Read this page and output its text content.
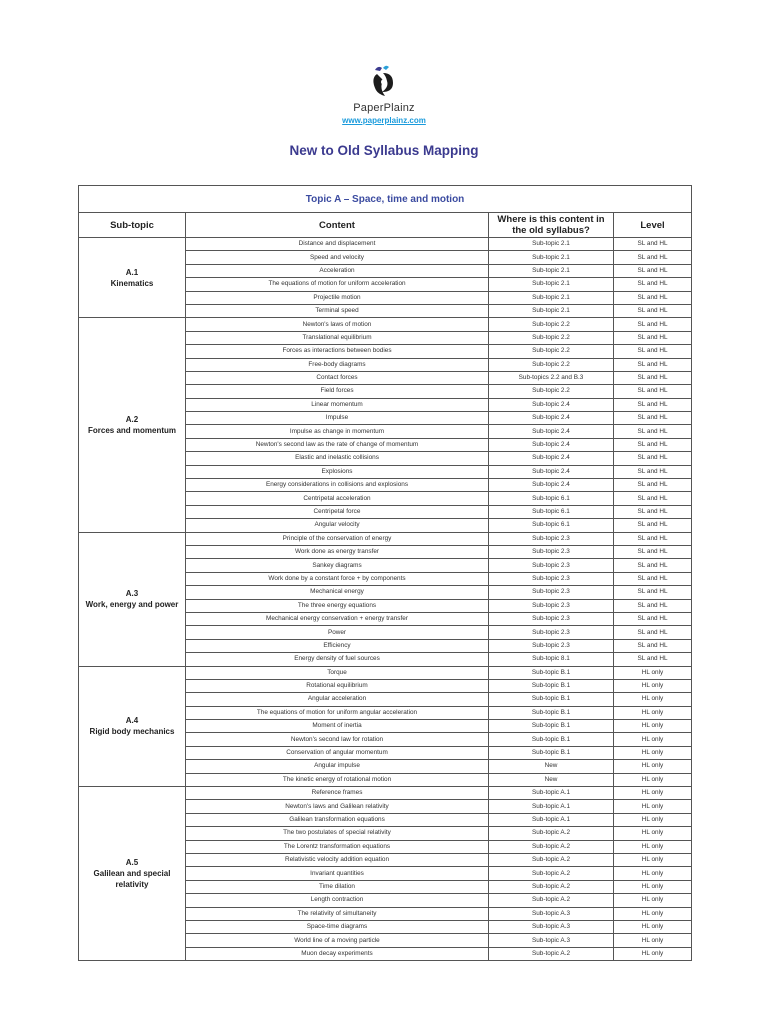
PaperPlainz
www.paperplainz.com
New to Old Syllabus Mapping
Topic A – Space, time and motion			
Sub-topic	Content	Where is this content in the old syllabus?	Level

A.1
Kinematics	Distance and displacement	Sub-topic 2.1	SL and HL
	Speed and velocity	Sub-topic 2.1	SL and HL
	Acceleration	Sub-topic 2.1	SL and HL
	The equations of motion for uniform acceleration	Sub-topic 2.1	SL and HL
	Projectile motion	Sub-topic 2.1	SL and HL
	Terminal speed	Sub-topic 2.1	SL and HL

A.2
Forces and momentum	Newton's laws of motion	Sub-topic 2.2	SL and HL
	Translational equilibrium	Sub-topic 2.2	SL and HL
	Forces as interactions between bodies	Sub-topic 2.2	SL and HL
	Free-body diagrams	Sub-topic 2.2	SL and HL
	Contact forces	Sub-topics 2.2 and B.3	SL and HL
	Field forces	Sub-topic 2.2	SL and HL
	Linear momentum	Sub-topic 2.4	SL and HL
	Impulse	Sub-topic 2.4	SL and HL
	Impulse as change in momentum	Sub-topic 2.4	SL and HL
	Newton's second law as the rate of change of momentum	Sub-topic 2.4	SL and HL
	Elastic and inelastic collisions	Sub-topic 2.4	SL and HL
	Explosions	Sub-topic 2.4	SL and HL
	Energy considerations in collisions and explosions	Sub-topic 2.4	SL and HL
	Centripetal acceleration	Sub-topic 6.1	SL and HL
	Centripetal force	Sub-topic 6.1	SL and HL
	Angular velocity	Sub-topic 6.1	SL and HL

A.3
Work, energy and power	Principle of the conservation of energy	Sub-topic 2.3	SL and HL
	Work done as energy transfer	Sub-topic 2.3	SL and HL
	Sankey diagrams	Sub-topic 2.3	SL and HL
	Work done by a constant force + by components	Sub-topic 2.3	SL and HL
	Mechanical energy	Sub-topic 2.3	SL and HL
	The three energy equations	Sub-topic 2.3	SL and HL
	Mechanical energy conservation + energy transfer	Sub-topic 2.3	SL and HL
	Power	Sub-topic 2.3	SL and HL
	Efficiency	Sub-topic 2.3	SL and HL
	Energy density of fuel sources	Sub-topic 8.1	SL and HL

A.4
Rigid body mechanics	Torque	Sub-topic B.1	HL only
	Rotational equilibrium	Sub-topic B.1	HL only
	Angular acceleration	Sub-topic B.1	HL only
	The equations of motion for uniform angular acceleration	Sub-topic B.1	HL only
	Moment of inertia	Sub-topic B.1	HL only
	Newton's second law for rotation	Sub-topic B.1	HL only
	Conservation of angular momentum	Sub-topic B.1	HL only
	Angular impulse	New	HL only
	The kinetic energy of rotational motion	New	HL only

A.5
Galilean and special relativity	Reference frames	Sub-topic A.1	HL only
	Newton's laws and Galilean relativity	Sub-topic A.1	HL only
	Galilean transformation equations	Sub-topic A.1	HL only
	The two postulates of special relativity	Sub-topic A.2	HL only
	The Lorentz transformation equations	Sub-topic A.2	HL only
	Relativistic velocity addition equation	Sub-topic A.2	HL only
	Invariant quantities	Sub-topic A.2	HL only
	Time dilation	Sub-topic A.2	HL only
	Length contraction	Sub-topic A.2	HL only
	The relativity of simultaneity	Sub-topic A.3	HL only
	Space-time diagrams	Sub-topic A.3	HL only
	World line of a moving particle	Sub-topic A.3	HL only
	Muon decay experiments	Sub-topic A.2	HL only
